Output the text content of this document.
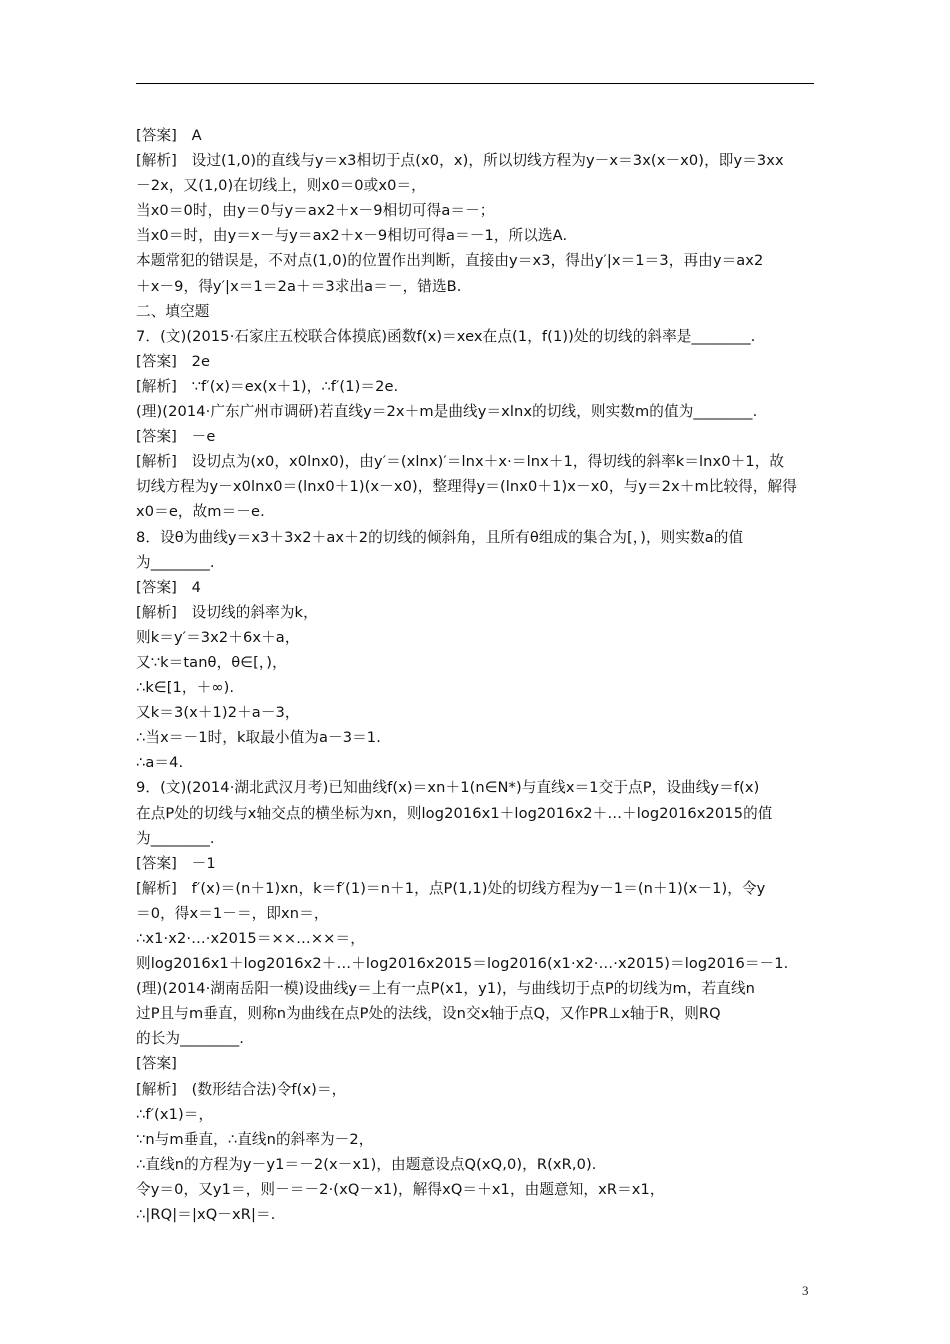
[答案]　A
[解析]　设过(1,0)的直线与y＝x3相切于点(x0，x)，所以切线方程为y－x＝3x(x－x0)，即y＝3xx
－2x，又(1,0)在切线上，则x0＝0或x0＝，
当x0＝0时，由y＝0与y＝ax2＋x－9相切可得a＝－；
当x0＝时，由y＝x－与y＝ax2＋x－9相切可得a＝－1，所以选A.
本题常犯的错误是，不对点(1,0)的位置作出判断，直接由y＝x3，得出y′|x＝1＝3，再由y＝ax2
＋x－9，得y′|x＝1＝2a＋＝3求出a＝－，错选B.
二、填空题
7．(文)(2015·石家庄五校联合体摸底)函数f(x)＝xex在点(1，f(1))处的切线的斜率是________.
[答案]　2e
[解析]　∵f′(x)＝ex(x＋1)，∴f′(1)＝2e.
(理)(2014·广东广州市调研)若直线y＝2x＋m是曲线y＝xlnx的切线，则实数m的值为________.
[答案]　－e
[解析]　设切点为(x0，x0lnx0)，由y′＝(xlnx)′＝lnx＋x·＝lnx＋1，得切线的斜率k＝lnx0＋1，故
切线方程为y－x0lnx0＝(lnx0＋1)(x－x0)，整理得y＝(lnx0＋1)x－x0，与y＝2x＋m比较得，解得
x0＝e，故m＝－e.
8．设θ为曲线y＝x3＋3x2＋ax＋2的切线的倾斜角，且所有θ组成的集合为[，)，则实数a的值
为________.
[答案]　4
[解析]　设切线的斜率为k，
则k＝y′＝3x2＋6x＋a，
又∵k＝tanθ，θ∈[，)，
∴k∈[1，＋∞).
又k＝3(x＋1)2＋a－3，
∴当x＝－1时，k取最小值为a－3＝1.
∴a＝4.
9．(文)(2014·湖北武汉月考)已知曲线f(x)＝xn＋1(n∈N*)与直线x＝1交于点P，设曲线y＝f(x)
在点P处的切线与x轴交点的横坐标为xn，则log2016x1＋log2016x2＋…＋log2016x2015的值
为________.
[答案]　－1
[解析]　f′(x)＝(n＋1)xn，k＝f′(1)＝n＋1，点P(1,1)处的切线方程为y－1＝(n＋1)(x－1)，令y
＝0，得x＝1－＝，即xn＝，
∴x1·x2·…·x2015＝××…××＝，
则log2016x1＋log2016x2＋…＋log2016x2015＝log2016(x1·x2·…·x2015)＝log2016＝－1.
(理)(2014·湖南岳阳一模)设曲线y＝上有一点P(x1，y1)，与曲线切于点P的切线为m，若直线n
过P且与m垂直，则称n为曲线在点P处的法线，设n交x轴于点Q，又作PR⊥x轴于R，则RQ
的长为________.
[答案]
[解析]　(数形结合法)令f(x)＝，
∴f′(x1)＝，
∵n与m垂直，∴直线n的斜率为－2，
∴直线n的方程为y－y1＝－2(x－x1)，由题意设点Q(xQ,0)，R(xR,0).
令y＝0，又y1＝，则－＝－2·(xQ－x1)，解得xQ＝＋x1，由题意知，xR＝x1，
∴|RQ|＝|xQ－xR|＝.
3
